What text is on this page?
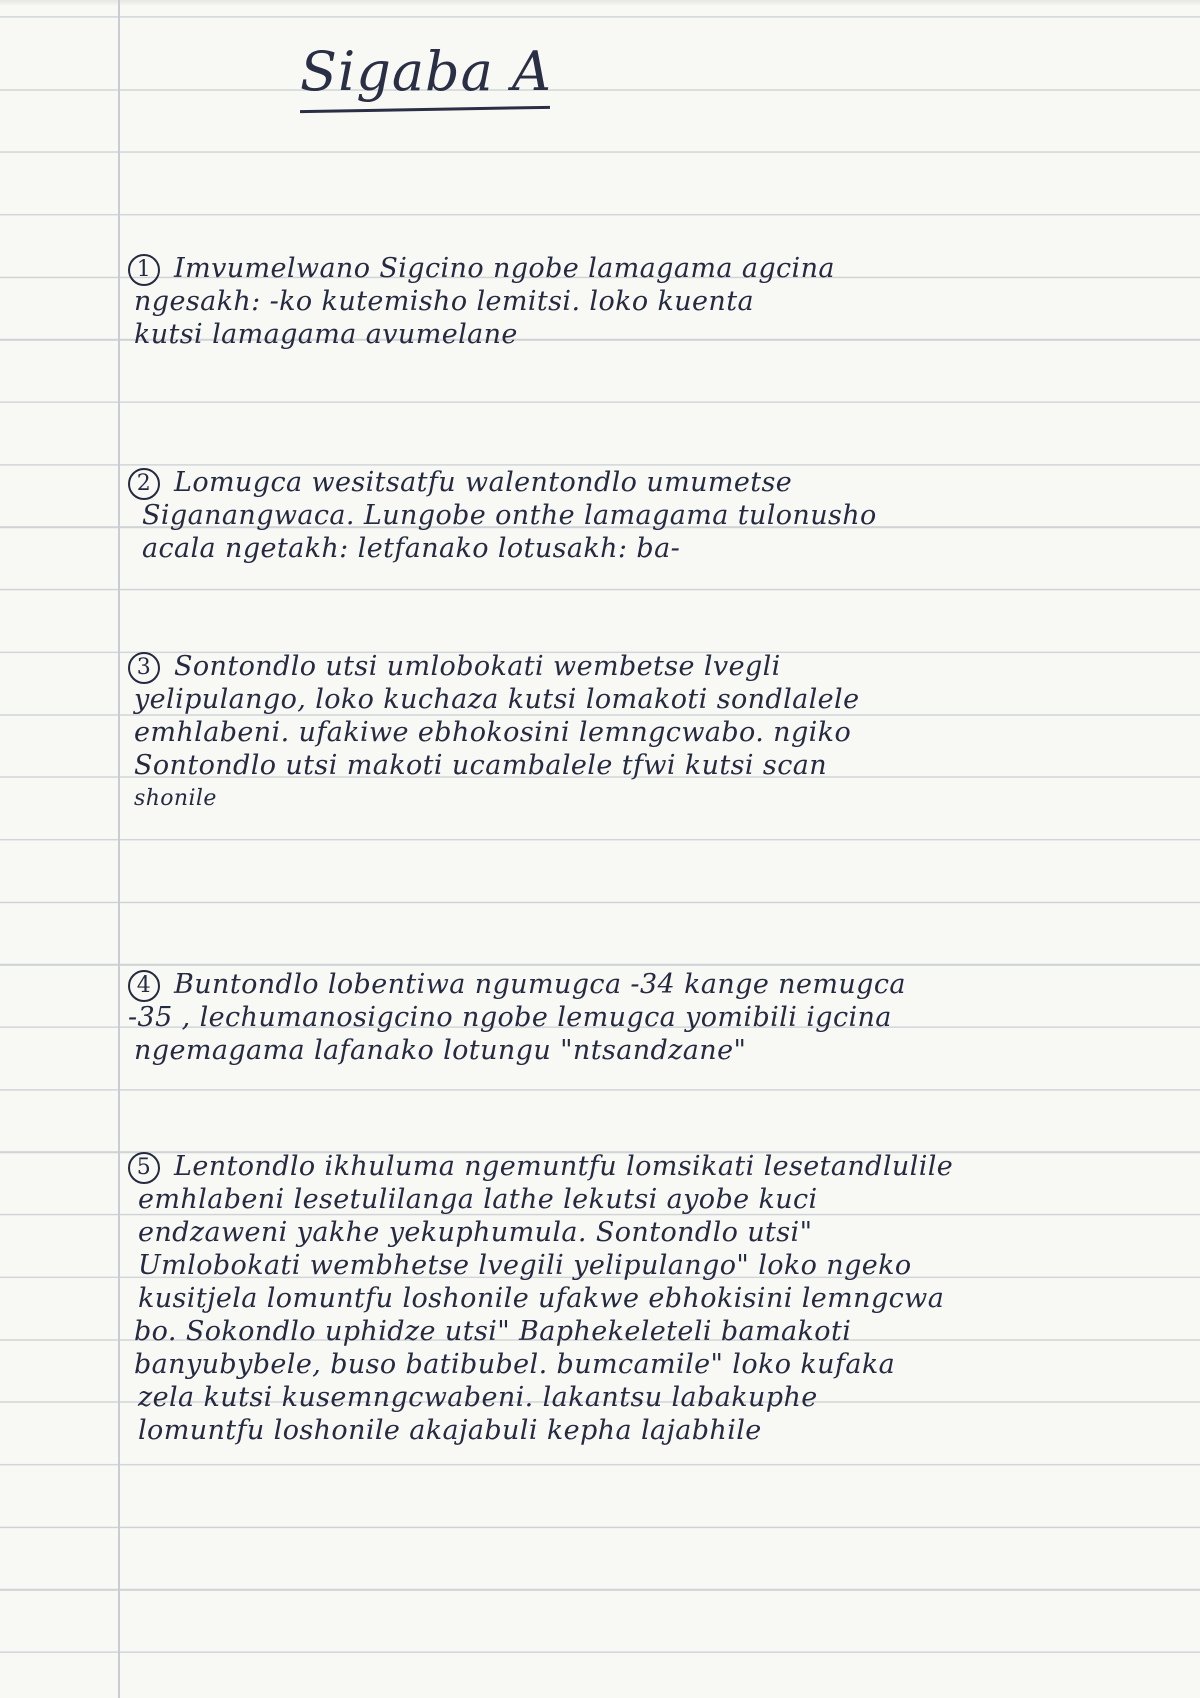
Sigaba A
1 Imvumelwano Sigcino ngobe lamagama agcina
ngesakh: -ko kutemisho lemitsi. loko kuenta
kutsi lamagama avumelane
2 Lomugca wesitsatfu walentondlo umumetse
Siganangwaca. Lungobe onthe lamagama tulonusho
acala ngetakh: letfanako lotusakh: ba-
3 Sontondlo utsi umlobokati wembetse lvegli
yelipulango, loko kuchaza kutsi lomakoti sondlalele
emhlabeni. ufakiwe ebhokosini lemngcwabo. ngiko
Sontondlo utsi makoti ucambalele tfwi kutsi scan
shonile
4 Buntondlo lobentiwa ngumugca -34 kange nemugca
-35 , lechumanosigcino ngobe lemugca yomibili igcina
ngemagama lafanako lotungu "ntsandzane"
5 Lentondlo ikhuluma ngemuntfu lomsikati lesetandlulile
emhlabeni lesetulilanga lathe lekutsi ayobe kuci
endzaweni yakhe yekuphumula. Sontondlo utsi"
Umlobokati wembhetse lvegili yelipulango" loko ngeko
kusitjela lomuntfu loshonile ufakwe ebhokisini lemngcwa
bo. Sokondlo uphidze utsi" Baphekeleteli bamakoti
banyubybele, buso batibubel. bumcamile" loko kufaka
zela kutsi kusemngcwabeni. lakantsu labakuphe
lomuntfu loshonile akajabuli kepha lajabhile
